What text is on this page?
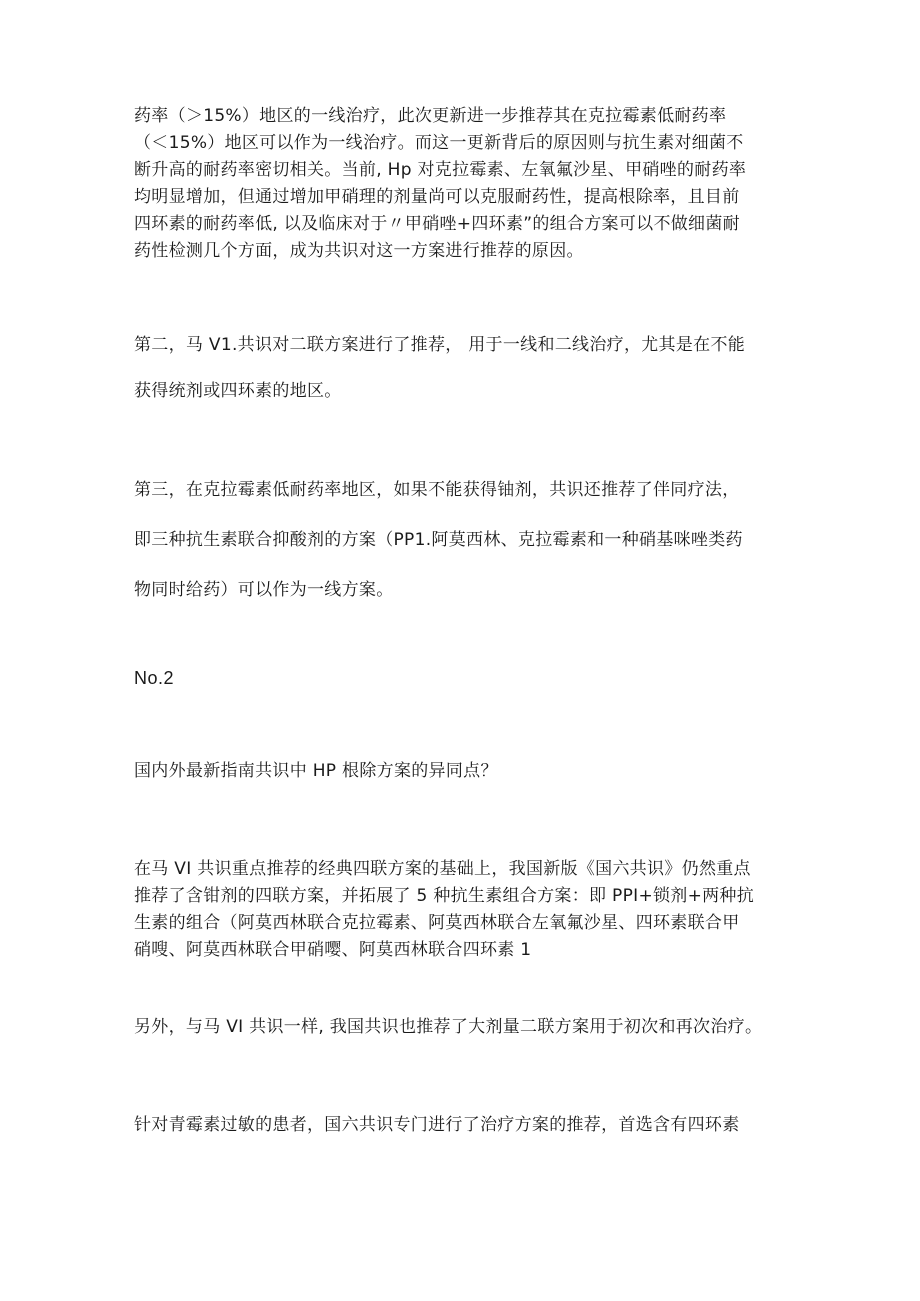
药率（＞15%）地区的一线治疗，此次更新进一步推荐其在克拉霉素低耐药率
（＜15%）地区可以作为一线治疗。而这一更新背后的原因则与抗生素对细菌不
断升高的耐药率密切相关。当前, Hp 对克拉霉素、左氧氟沙星、甲硝唑的耐药率
均明显增加，但通过增加甲硝理的剂量尚可以克服耐药性，提高根除率，且目前
四环素的耐药率低, 以及临床对于〃甲硝唑+四环素”的组合方案可以不做细菌耐
药性检测几个方面，成为共识对这一方案进行推荐的原因。
第二，马 V1.共识对二联方案进行了推荐， 用于一线和二线治疗，尤其是在不能
获得统剂或四环素的地区。
第三，在克拉霉素低耐药率地区，如果不能获得铀剂，共识还推荐了伴同疗法，
即三种抗生素联合抑酸剂的方案（PP1.阿莫西林、克拉霉素和一种硝基咪唑类药
物同时给药）可以作为一线方案。
No.2
国内外最新指南共识中 HP 根除方案的异同点？
在马 VI 共识重点推荐的经典四联方案的基础上，我国新版《国六共识》仍然重点
推荐了含钳剂的四联方案，并拓展了 5 种抗生素组合方案：即 PPI+锁剂+两种抗
生素的组合（阿莫西林联合克拉霉素、阿莫西林联合左氧氟沙星、四环素联合甲
硝嗖、阿莫西林联合甲硝嘤、阿莫西林联合四环素 1
另外，与马 VI 共识一样, 我国共识也推荐了大剂量二联方案用于初次和再次治疗。
针对青霉素过敏的患者，国六共识专门进行了治疗方案的推荐，首选含有四环素
